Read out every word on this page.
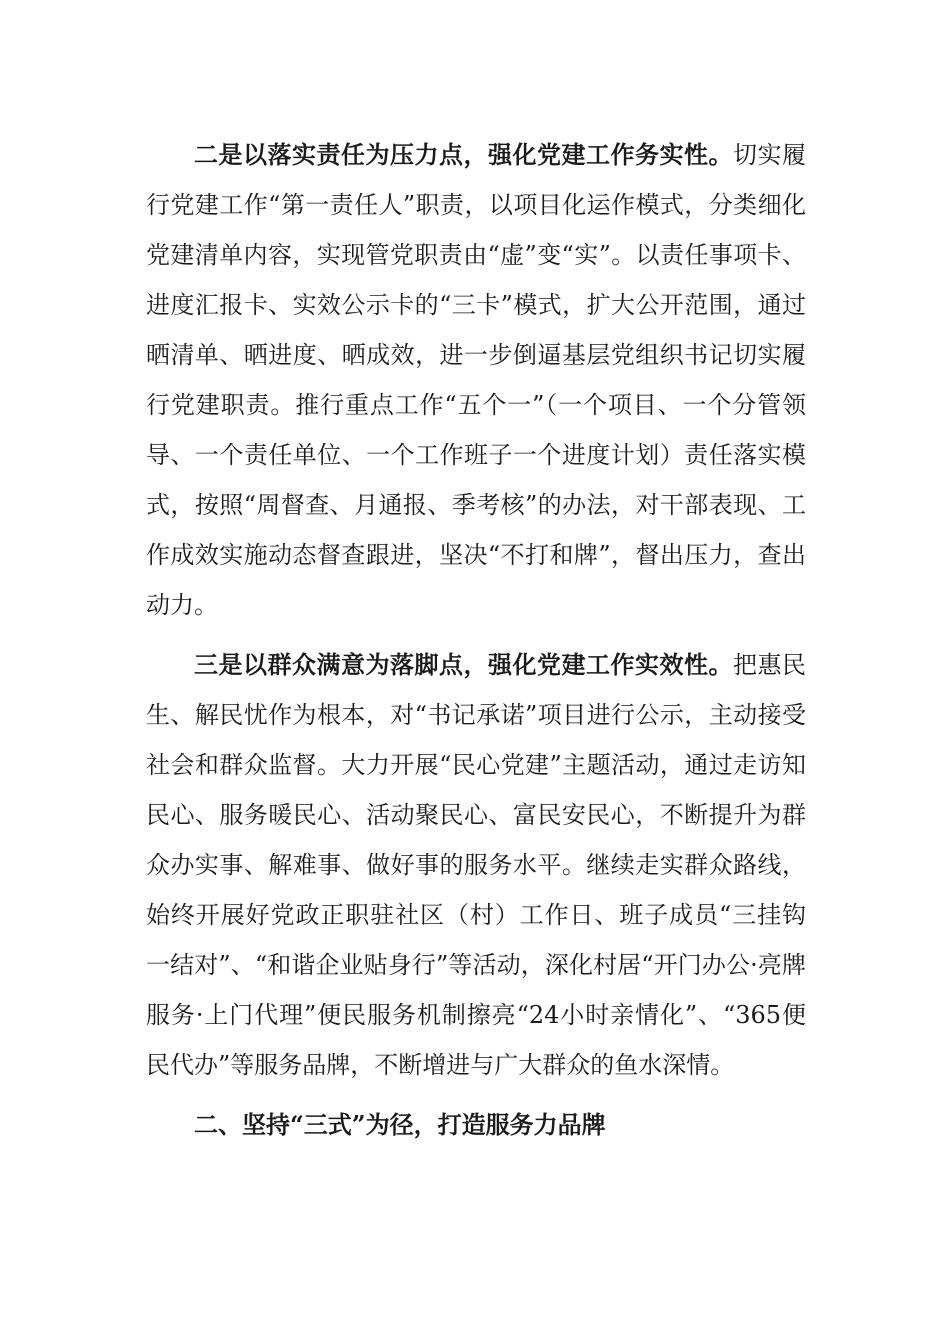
二是以落实责任为压力点，强化党建工作务实性。切实履行党建工作“第一责任人”职责，以项目化运作模式，分类细化党建清单内容，实现管党职责由“虚”变“实”。以责任事项卡、进度汇报卡、实效公示卡的“三卡”模式，扩大公开范围，通过晒清单、晒进度、晒成效，进一步倒逼基层党组织书记切实履行党建职责。推行重点工作“五个一”（一个项目、一个分管领导、一个责任单位、一个工作班子一个进度计划）责任落实模式，按照“周督查、月通报、季考核”的办法，对干部表现、工作成效实施动态督查跟进，坚决“不打和牌”，督出压力，查出动力。

三是以群众满意为落脚点，强化党建工作实效性。把惠民生、解民忧作为根本，对“书记承诺”项目进行公示，主动接受社会和群众监督。大力开展“民心党建”主题活动，通过走访知民心、服务暖民心、活动聚民心、富民安民心，不断提升为群众办实事、解难事、做好事的服务水平。继续走实群众路线，始终开展好党政正职驻社区（村）工作日、班子成员“三挂钩一结对”、“和谐企业贴身行”等活动，深化村居“开门办公·亮牌服务·上门代理”便民服务机制擦亮“24小时亲情化”、“365便民代办”等服务品牌，不断增进与广大群众的鱼水深情。

二、坚持“三式”为径，打造服务力品牌
